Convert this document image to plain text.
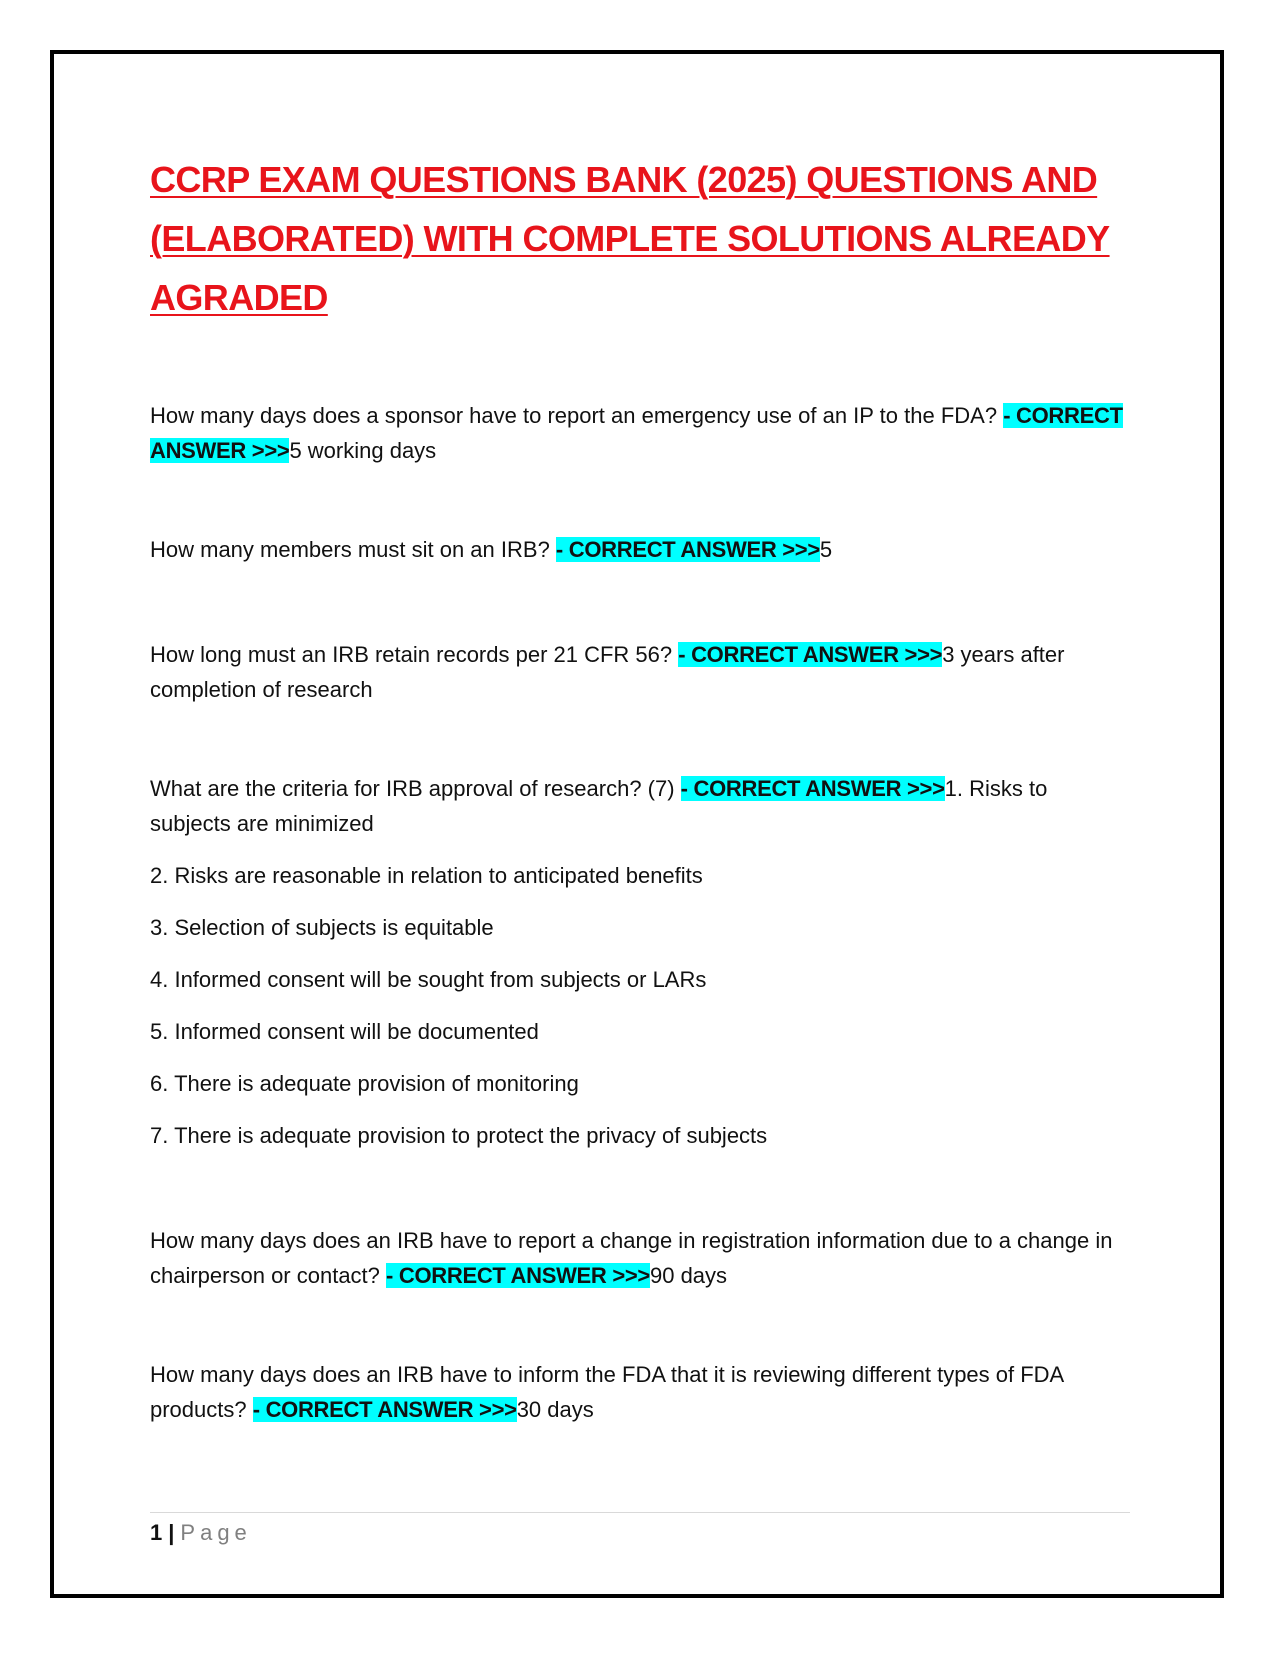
CCRP EXAM QUESTIONS BANK (2025) QUESTIONS AND (ELABORATED) WITH COMPLETE SOLUTIONS ALREADY AGRADED

How many days does a sponsor have to report an emergency use of an IP to the FDA? - CORRECT ANSWER >>>5 working days

How many members must sit on an IRB? - CORRECT ANSWER >>>5

How long must an IRB retain records per 21 CFR 56? - CORRECT ANSWER >>>3 years after completion of research

What are the criteria for IRB approval of research? (7) - CORRECT ANSWER >>>1. Risks to subjects are minimized

2. Risks are reasonable in relation to anticipated benefits

3. Selection of subjects is equitable

4. Informed consent will be sought from subjects or LARs

5. Informed consent will be documented

6. There is adequate provision of monitoring

7. There is adequate provision to protect the privacy of subjects

How many days does an IRB have to report a change in registration information due to a change in chairperson or contact? - CORRECT ANSWER >>>90 days

How many days does an IRB have to inform the FDA that it is reviewing different types of FDA products? - CORRECT ANSWER >>>30 days

1 | Page
